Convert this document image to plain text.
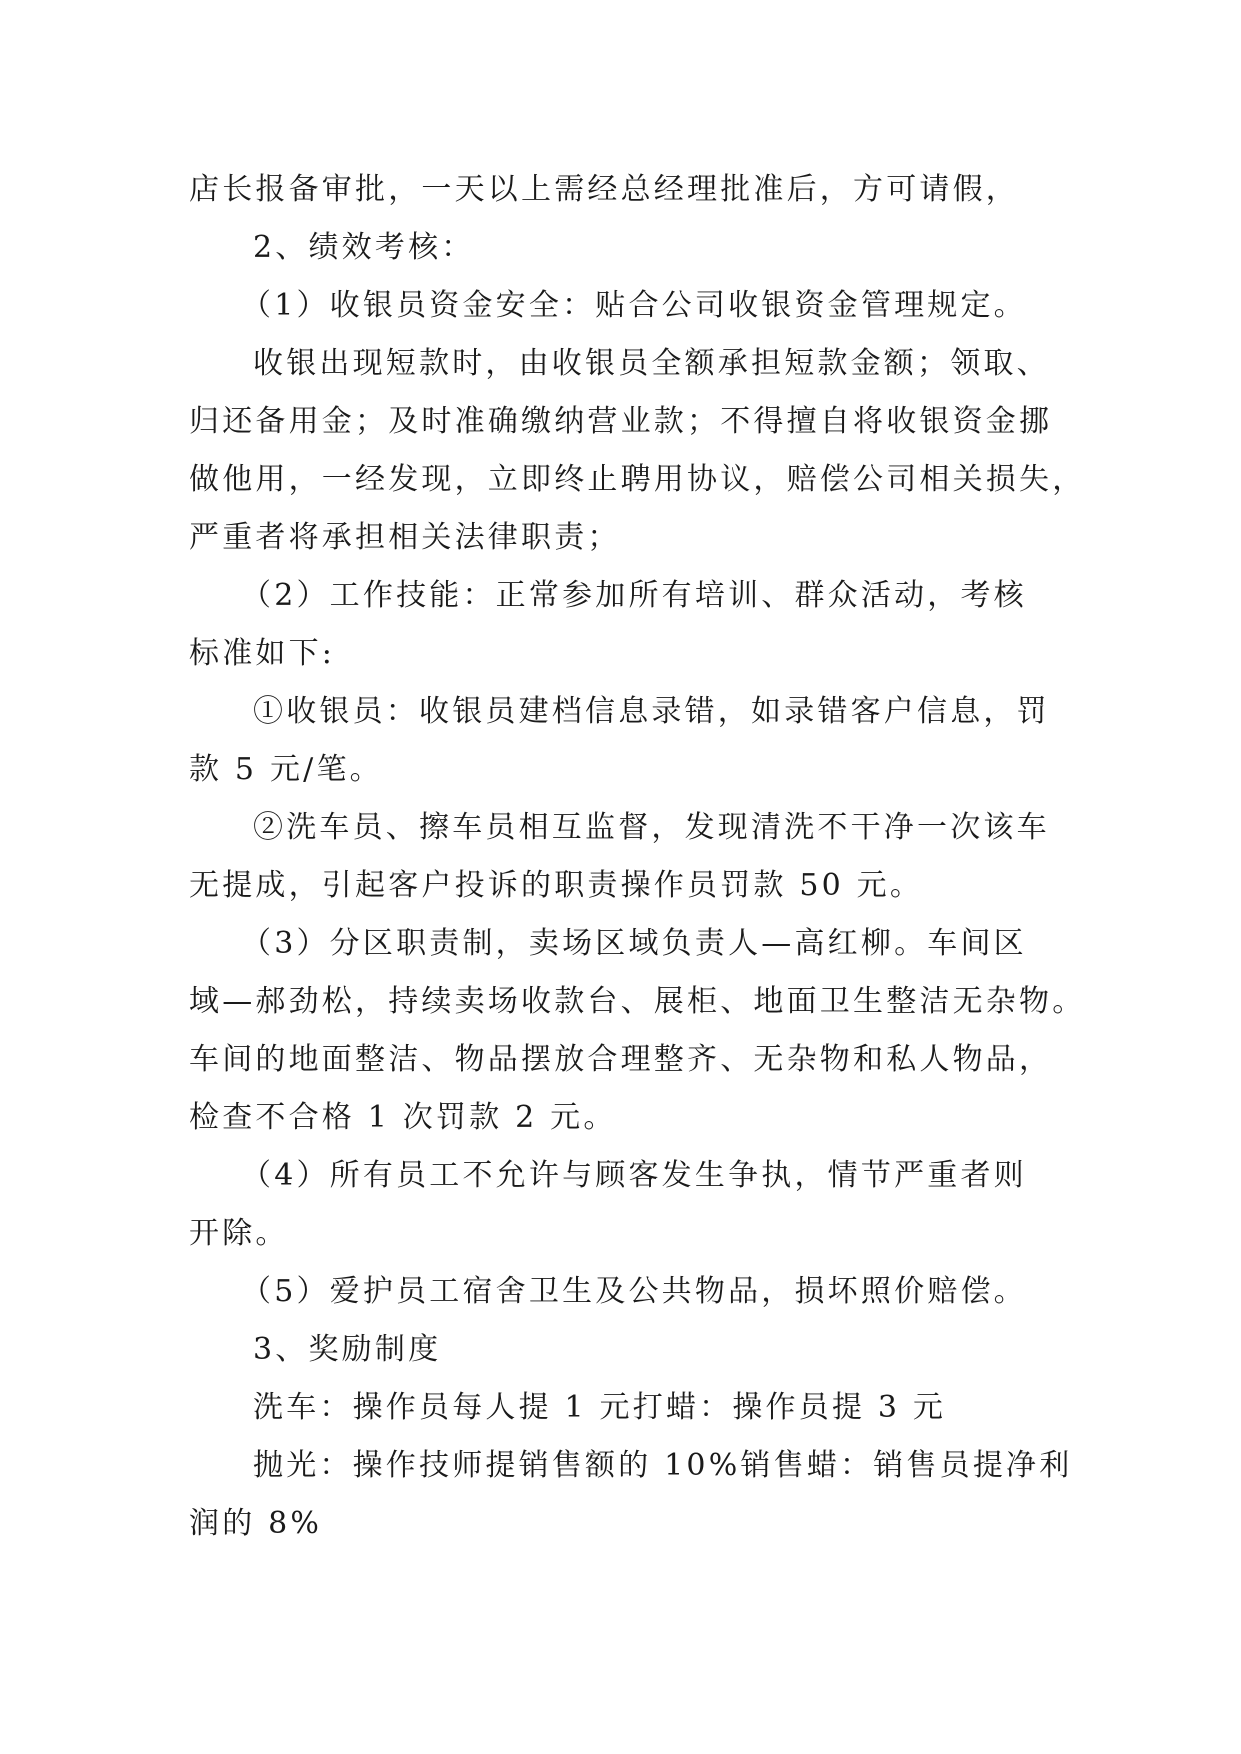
店长报备审批，一天以上需经总经理批准后，方可请假，
2、绩效考核：
（1）收银员资金安全：贴合公司收银资金管理规定。
收银出现短款时，由收银员全额承担短款金额；领取、
归还备用金；及时准确缴纳营业款；不得擅自将收银资金挪
做他用，一经发现，立即终止聘用协议，赔偿公司相关损失，
严重者将承担相关法律职责；
（2）工作技能：正常参加所有培训、群众活动，考核
标准如下:
①收银员：收银员建档信息录错，如录错客户信息，罚
款 5 元/笔。
②洗车员、擦车员相互监督，发现清洗不干净一次该车
无提成，引起客户投诉的职责操作员罚款 50 元。
（3）分区职责制，卖场区域负责人—高红柳。车间区
域—郝劲松，持续卖场收款台、展柜、地面卫生整洁无杂物。
车间的地面整洁、物品摆放合理整齐、无杂物和私人物品，
检查不合格 1 次罚款 2 元。
（4）所有员工不允许与顾客发生争执，情节严重者则
开除。
（5）爱护员工宿舍卫生及公共物品，损坏照价赔偿。
3、奖励制度
洗车：操作员每人提 1 元打蜡：操作员提 3 元
抛光：操作技师提销售额的 10%销售蜡：销售员提净利
润的 8%
